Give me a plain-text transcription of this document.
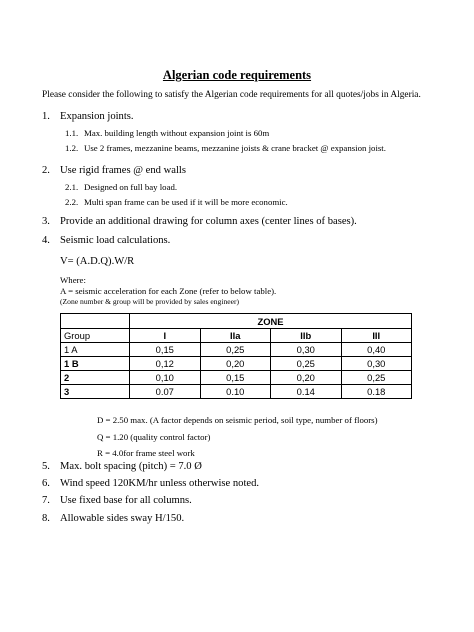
Algerian code requirements
Please consider the following to satisfy the Algerian code requirements for all quotes/jobs in Algeria.
1. Expansion joints.
1.1. Max. building length without expansion joint is 60m
1.2. Use 2 frames, mezzanine beams, mezzanine joists & crane bracket @ expansion joist.
2. Use rigid frames @ end walls
2.1. Designed on full bay load.
2.2. Multi span frame can be used if it will be more economic.
3. Provide an additional drawing for column axes (center lines of bases).
4. Seismic load calculations.
V= (A.D.Q).W/R
Where:
A = seismic acceleration for each Zone (refer to below table).
(Zone number & group will be provided by sales engineer)
	ZONE			
Group	I	IIa	IIb	III
1 A	0,15	0,25	0,30	0,40
1 B	0,12	0,20	0,25	0,30
2	0,10	0,15	0,20	0,25
3	0.07	0.10	0.14	0.18
D = 2.50 max. (A factor depends on seismic period, soil type, number of floors)
Q = 1.20 (quality control factor)
R = 4.0for frame steel work
5. Max. bolt spacing (pitch) = 7.0 Ø
6. Wind speed 120KM/hr unless otherwise noted.
7. Use fixed base for all columns.
8. Allowable sides sway H/150.
